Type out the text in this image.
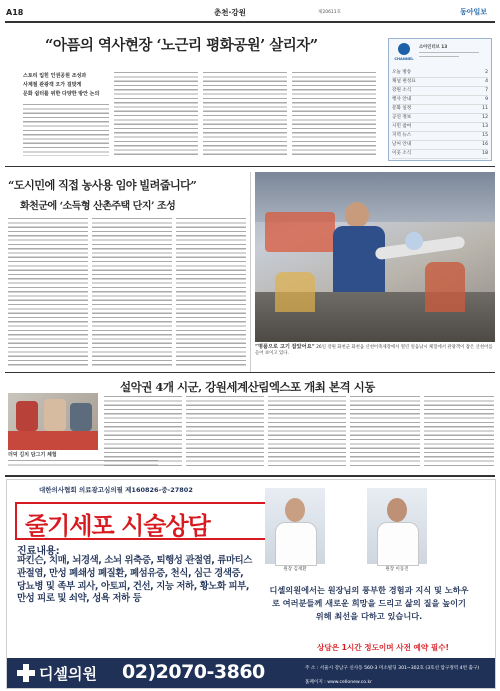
A18	춘천·강원	제20611호	동아일보
“아픔의 역사현장 ‘노근리 평화공원’ 살리자”
스토리 입힌 인권공원 조성과
사계절 관광객 오가 걸맞게
문화 쉼터를 위한 다양한 방안 논의
CHANNEL
소아인터브 13
오늘 방송	2
채널 편성표	4
강원 소식	7
행사 안내	9
문화 일정	11
공연 정보	12
시민 참여	13
지역 뉴스	15
날씨 안내	16
이웃 소식	18
“도시민에 직접 농사용 임야 빌려줍니다”
화천군에 ‘소득형 산촌주택 단지’ 조성
“명품으로 고기 잡았어요” 26일 강원 화천군 화천읍 산천어축제장에서 열린 얼음낚시 체험에서 관광객이 잡은 산천어를 들어 보이고 있다.
설악권 4개 시군, 강원세계산림엑스포 개최 본격 시동
더덕 김치 담그기 체험
대한의사협회 의료광고심의필 제160826-중-27802
줄기세포 시술상담
진료내용:
파킨슨, 치매, 뇌경색, 소뇌 위축증, 퇴행성 관절염, 류마티스 관절염, 만성 폐쇄성 폐질환, 폐섬유증, 천식, 심근 경색증, 당뇨병 및 족부 괴사, 아토피, 건선, 지능 저하, 황노화 피부, 만성 피로 및 쇠약, 성욕 저하 등
원장 김재환	원장 이동진
디셀의원에서는 원장님의 풍부한 경험과 지식 및 노하우로 여러분들께 새로운 희망을 드리고 삶의 질을 높이기 위해 최선을 다하고 있습니다.
상담은 1시간 정도이며 사전 예약 필수!
디셀의원 02)2070-3860	주 소 : 서울시 강남구 신사동 560-3 미소빌딩 301~302호 (3호선 압구정역 4번 출구)
홈페이지 : www.cellonew.co.kr
